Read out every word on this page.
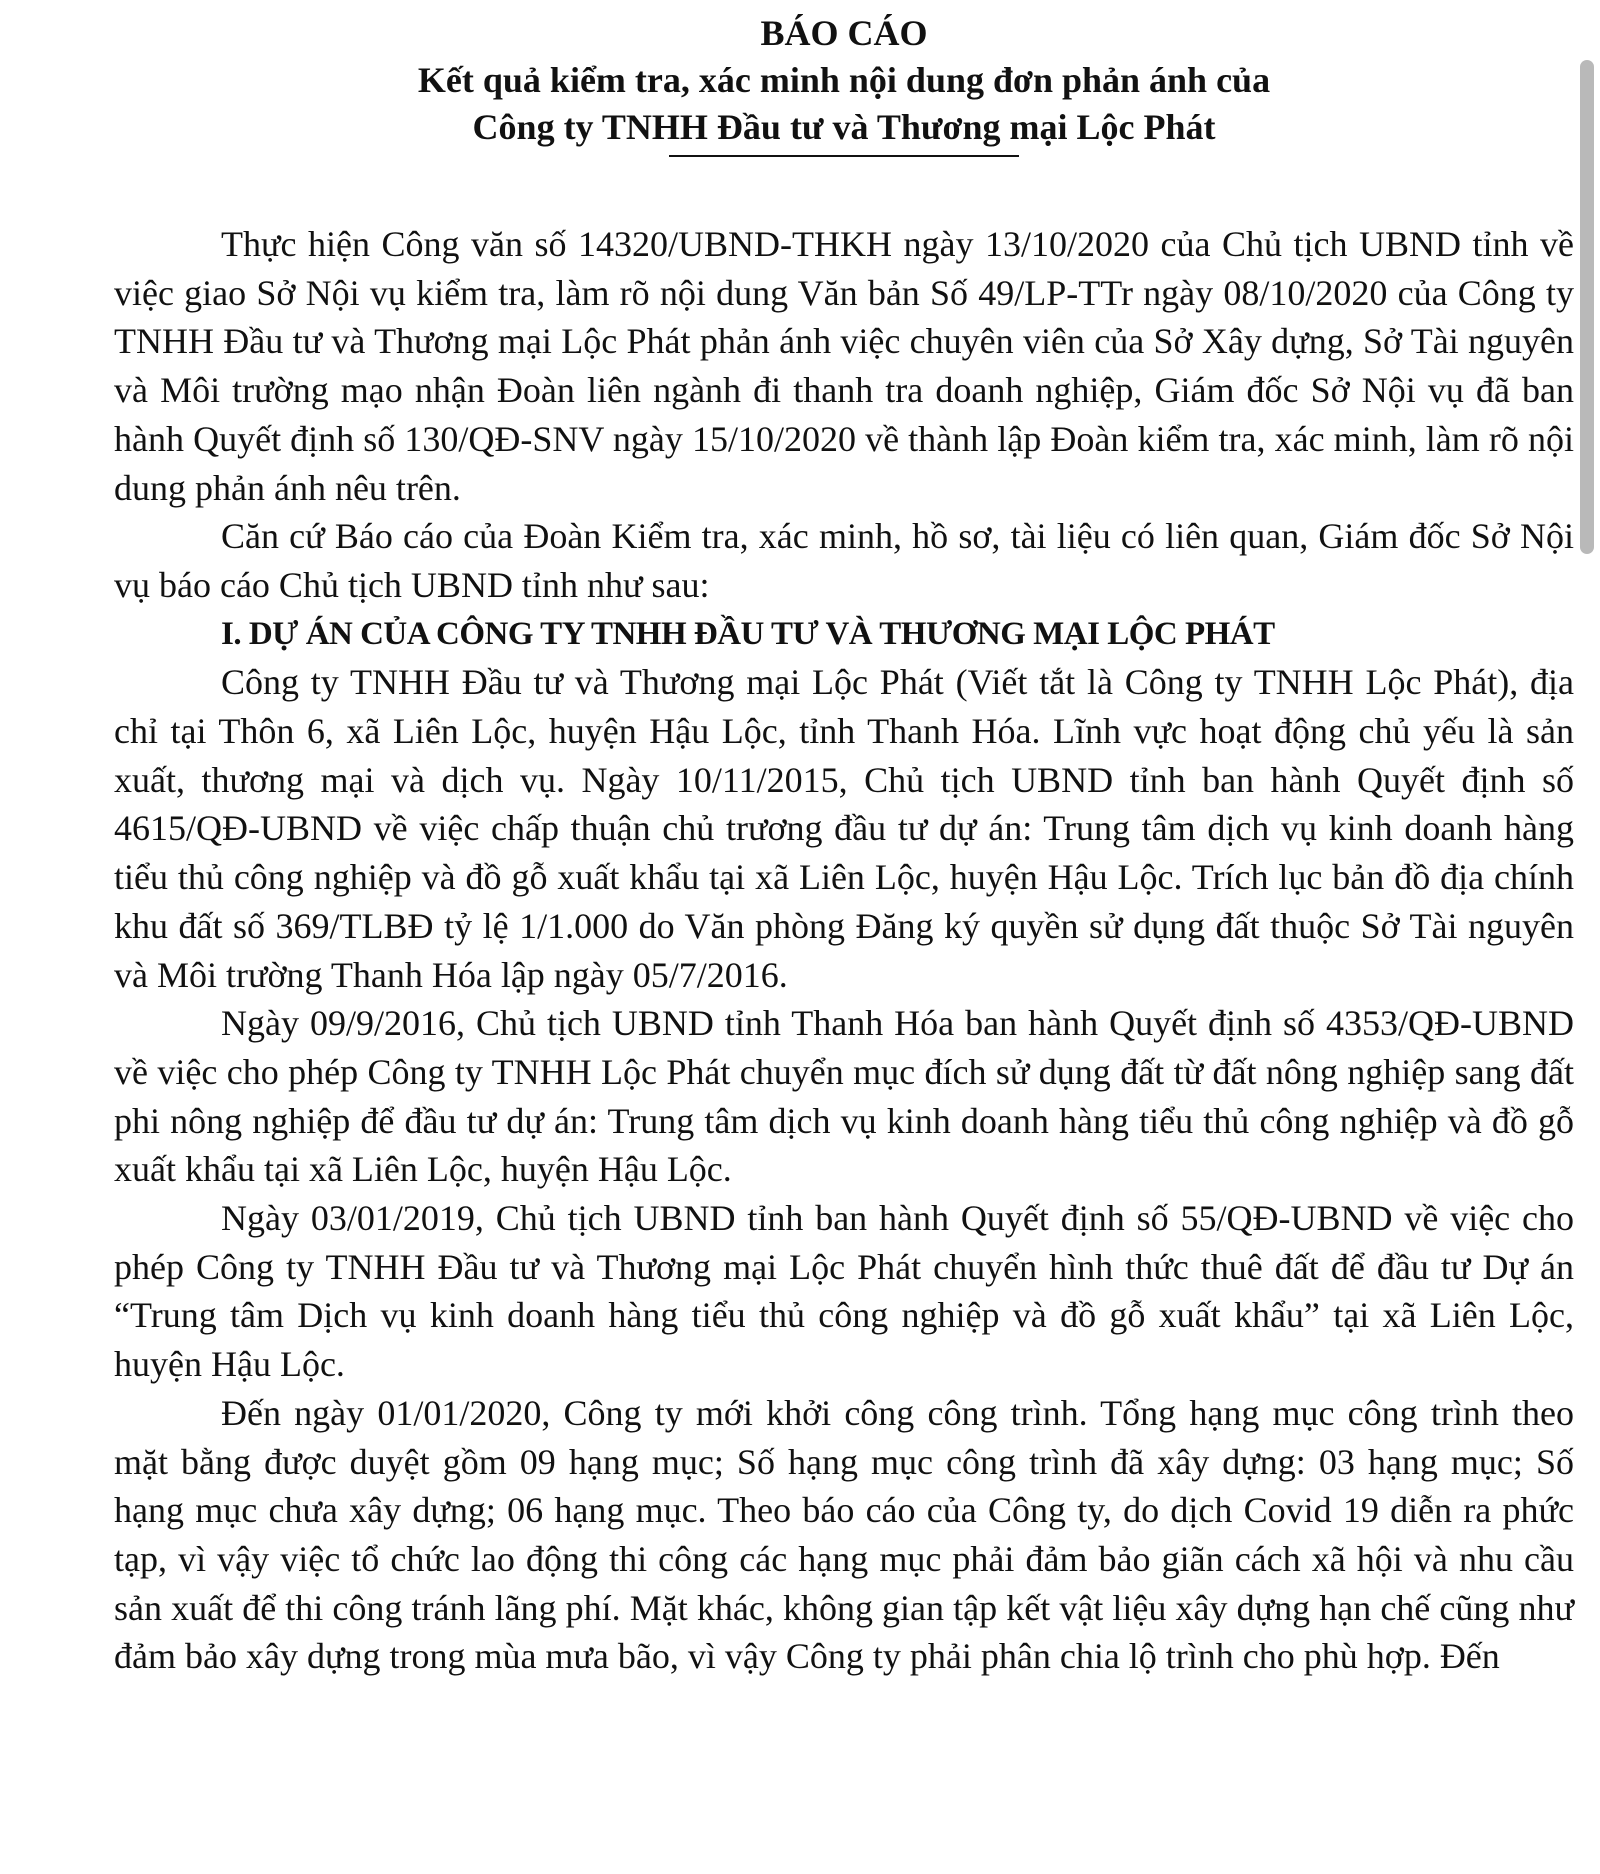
BÁO CÁO
Kết quả kiểm tra, xác minh nội dung đơn phản ánh của
Công ty TNHH Đầu tư và Thương mại Lộc Phát

Thực hiện Công văn số 14320/UBND-THKH ngày 13/10/2020 của Chủ tịch UBND tỉnh về việc giao Sở Nội vụ kiểm tra, làm rõ nội dung Văn bản Số 49/LP-TTr ngày 08/10/2020 của Công ty TNHH Đầu tư và Thương mại Lộc Phát phản ánh việc chuyên viên của Sở Xây dựng, Sở Tài nguyên và Môi trường mạo nhận Đoàn liên ngành đi thanh tra doanh nghiệp, Giám đốc Sở Nội vụ đã ban hành Quyết định số 130/QĐ-SNV ngày 15/10/2020 về thành lập Đoàn kiểm tra, xác minh, làm rõ nội dung phản ánh nêu trên.

Căn cứ Báo cáo của Đoàn Kiểm tra, xác minh, hồ sơ, tài liệu có liên quan, Giám đốc Sở Nội vụ báo cáo Chủ tịch UBND tỉnh như sau:

I. DỰ ÁN CỦA CÔNG TY TNHH ĐẦU TƯ VÀ THƯƠNG MẠI LỘC PHÁT

Công ty TNHH Đầu tư và Thương mại Lộc Phát (Viết tắt là Công ty TNHH Lộc Phát), địa chỉ tại Thôn 6, xã Liên Lộc, huyện Hậu Lộc, tỉnh Thanh Hóa. Lĩnh vực hoạt động chủ yếu là sản xuất, thương mại và dịch vụ. Ngày 10/11/2015, Chủ tịch UBND tỉnh ban hành Quyết định số 4615/QĐ-UBND về việc chấp thuận chủ trương đầu tư dự án: Trung tâm dịch vụ kinh doanh hàng tiểu thủ công nghiệp và đồ gỗ xuất khẩu tại xã Liên Lộc, huyện Hậu Lộc. Trích lục bản đồ địa chính khu đất số 369/TLBĐ tỷ lệ 1/1.000 do Văn phòng Đăng ký quyền sử dụng đất thuộc Sở Tài nguyên và Môi trường Thanh Hóa lập ngày 05/7/2016.

Ngày 09/9/2016, Chủ tịch UBND tỉnh Thanh Hóa ban hành Quyết định số 4353/QĐ-UBND về việc cho phép Công ty TNHH Lộc Phát chuyển mục đích sử dụng đất từ đất nông nghiệp sang đất phi nông nghiệp để đầu tư dự án: Trung tâm dịch vụ kinh doanh hàng tiểu thủ công nghiệp và đồ gỗ xuất khẩu tại xã Liên Lộc, huyện Hậu Lộc.

Ngày 03/01/2019, Chủ tịch UBND tỉnh ban hành Quyết định số 55/QĐ-UBND về việc cho phép Công ty TNHH Đầu tư và Thương mại Lộc Phát chuyển hình thức thuê đất để đầu tư Dự án “Trung tâm Dịch vụ kinh doanh hàng tiểu thủ công nghiệp và đồ gỗ xuất khẩu” tại xã Liên Lộc, huyện Hậu Lộc.

Đến ngày 01/01/2020, Công ty mới khởi công công trình. Tổng hạng mục công trình theo mặt bằng được duyệt gồm 09 hạng mục; Số hạng mục công trình đã xây dựng: 03 hạng mục; Số hạng mục chưa xây dựng; 06 hạng mục. Theo báo cáo của Công ty, do dịch Covid 19 diễn ra phức tạp, vì vậy việc tổ chức lao động thi công các hạng mục phải đảm bảo giãn cách xã hội và nhu cầu sản xuất để thi công tránh lãng phí. Mặt khác, không gian tập kết vật liệu xây dựng hạn chế cũng như đảm bảo xây dựng trong mùa mưa bão, vì vậy Công ty phải phân chia lộ trình cho phù hợp. Đến
